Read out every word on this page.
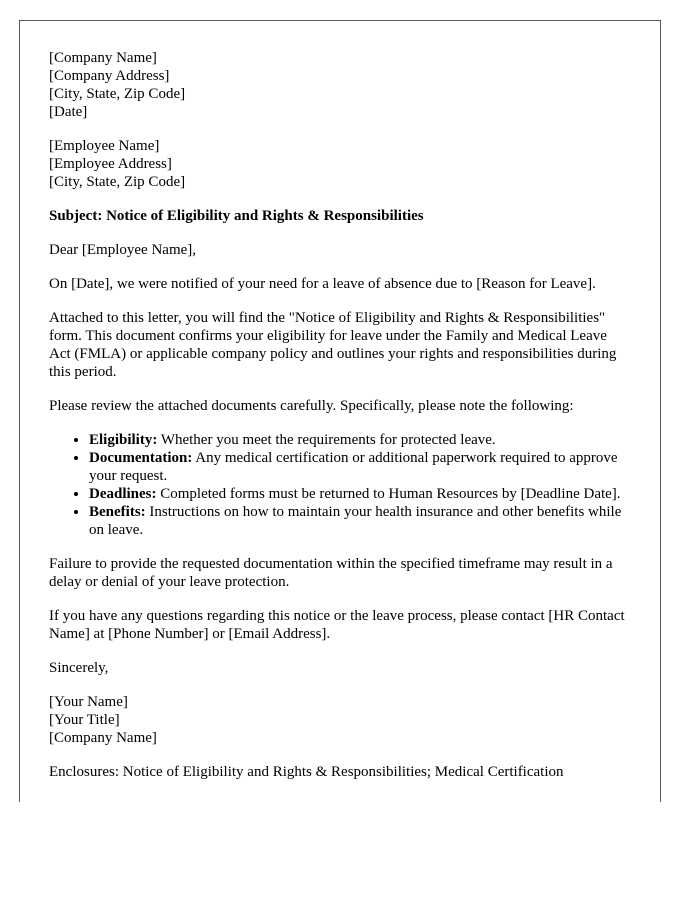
[Company Name]
[Company Address]
[City, State, Zip Code]
[Date]
[Employee Name]
[Employee Address]
[City, State, Zip Code]

Subject: Notice of Eligibility and Rights & Responsibilities

Dear [Employee Name],

On [Date], we were notified of your need for a leave of absence due to [Reason for Leave].

Attached to this letter, you will find the "Notice of Eligibility and Rights & Responsibilities" form. This document confirms your eligibility for leave under the Family and Medical Leave Act (FMLA) or applicable company policy and outlines your rights and responsibilities during this period.

Please review the attached documents carefully. Specifically, please note the following:

• Eligibility: Whether you meet the requirements for protected leave.
• Documentation: Any medical certification or additional paperwork required to approve your request.
• Deadlines: Completed forms must be returned to Human Resources by [Deadline Date].
• Benefits: Instructions on how to maintain your health insurance and other benefits while on leave.

Failure to provide the requested documentation within the specified timeframe may result in a delay or denial of your leave protection.

If you have any questions regarding this notice or the leave process, please contact [HR Contact Name] at [Phone Number] or [Email Address].

Sincerely,

[Your Name]
[Your Title]
[Company Name]

Enclosures: Notice of Eligibility and Rights & Responsibilities; Medical Certification
